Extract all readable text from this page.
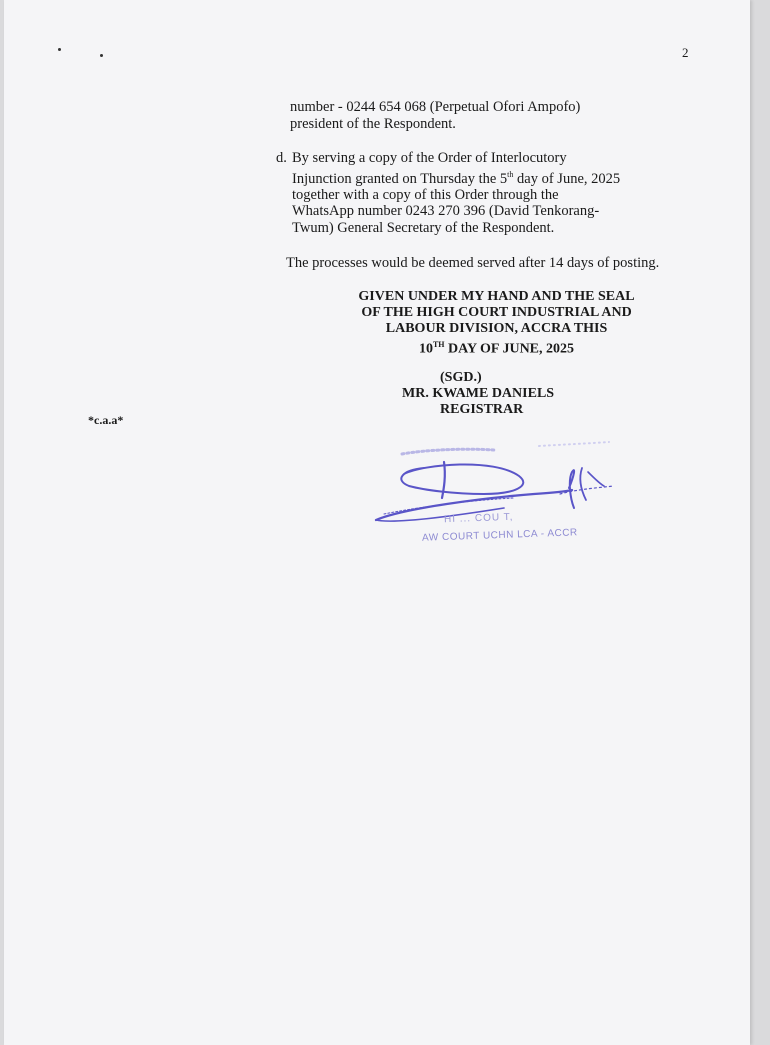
2
number - 0244 654 068 (Perpetual Ofori Ampofo)
president of the Respondent.
d. By serving a copy of the Order of Interlocutory
Injunction granted on Thursday the 5th day of June, 2025
together with a copy of this Order through the
WhatsApp number 0243 270 396 (David Tenkorang-
Twum) General Secretary of the Respondent.
The processes would be deemed served after 14 days of posting.
GIVEN UNDER MY HAND AND THE SEAL
OF THE HIGH COURT INDUSTRIAL AND
LABOUR DIVISION, ACCRA THIS
10TH DAY OF JUNE, 2025
(SGD.)
MR. KWAME DANIELS
REGISTRAR
*c.a.a*
HI ... COU T,
AW COURT UCHN LCA - ACCR
